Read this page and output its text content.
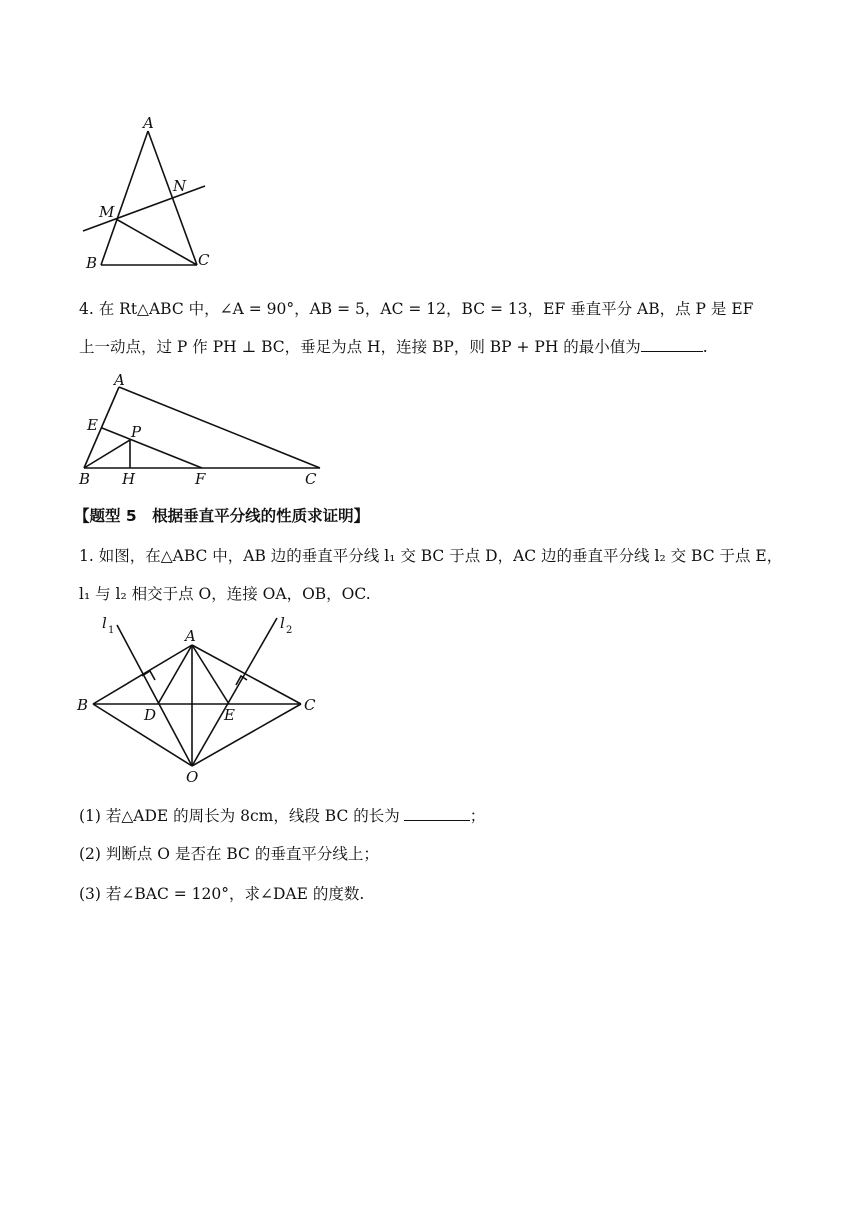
A
N
M
B	C
4. 在 Rt△ABC 中，∠A = 90°，AB = 5，AC = 12，BC = 13，EF 垂直平分 AB，点 P 是 EF
上一动点，过 P 作 PH ⊥ BC，垂足为点 H，连接 BP，则 BP + PH 的最小值为	.
A
E P
B H	F	C
【题型 5　根据垂直平分线的性质求证明】
1. 如图，在△ABC 中，AB 边的垂直平分线 l₁ 交 BC 于点 D，AC 边的垂直平分线 l₂ 交 BC 于点 E，
l₁ 与 l₂ 相交于点 O，连接 OA，OB，OC.
l 1	l 2
A
B
D	E
C
O
(1) 若△ADE 的周长为 8cm，线段 BC 的长为	；
(2) 判断点 O 是否在 BC 的垂直平分线上；
(3) 若∠BAC = 120°，求∠DAE 的度数.
